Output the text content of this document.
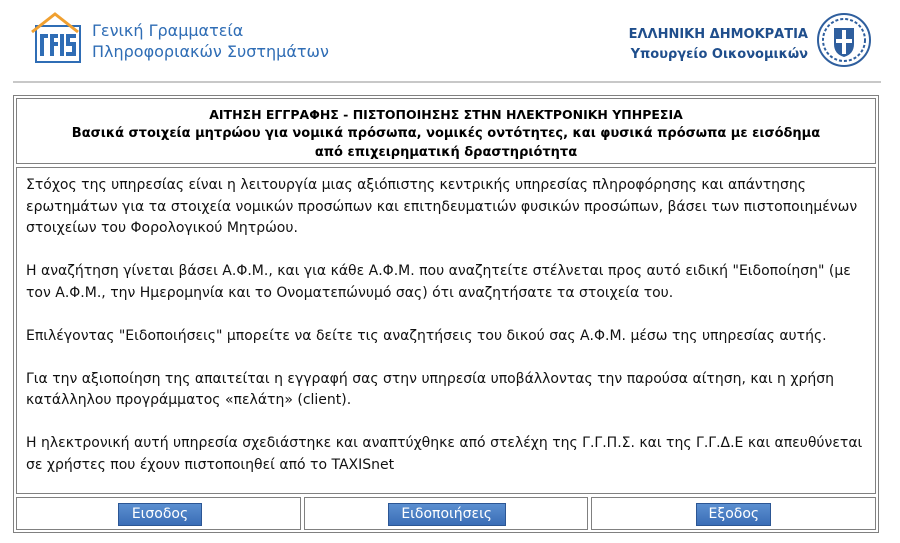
Γενική Γραμματεία
Πληροφοριακών Συστημάτων
ΕΛΛΗΝΙΚΗ ΔΗΜΟΚΡΑΤΙΑ
Υπουργείο Οικονομικών
ΑΙΤΗΣΗ ΕΓΓΡΑΦΗΣ - ΠΙΣΤΟΠΟΙΗΣΗΣ ΣΤΗΝ ΗΛΕΚΤΡΟΝΙΚΗ ΥΠΗΡΕΣΙΑ
Βασικά στοιχεία μητρώου για νομικά πρόσωπα, νομικές οντότητες, και φυσικά πρόσωπα με εισόδημα από επιχειρηματική δραστηριότητα

Στόχος της υπηρεσίας είναι η λειτουργία μιας αξιόπιστης κεντρικής υπηρεσίας πληροφόρησης και απάντησης ερωτημάτων για τα στοιχεία νομικών προσώπων και επιτηδευματιών φυσικών προσώπων, βάσει των πιστοποιημένων στοιχείων του Φορολογικού Μητρώου.

Η αναζήτηση γίνεται βάσει Α.Φ.Μ., και για κάθε Α.Φ.Μ. που αναζητείτε στέλνεται προς αυτό ειδική "Ειδοποίηση" (με τον Α.Φ.Μ., την Ημερομηνία και το Ονοματεπώνυμό σας) ότι αναζητήσατε τα στοιχεία του.

Επιλέγοντας "Ειδοποιήσεις" μπορείτε να δείτε τις αναζητήσεις του δικού σας Α.Φ.Μ. μέσω της υπηρεσίας αυτής.

Για την αξιοποίηση της απαιτείται η εγγραφή σας στην υπηρεσία υποβάλλοντας την παρούσα αίτηση, και η χρήση κατάλληλου προγράμματος «πελάτη» (client).

Η ηλεκτρονική αυτή υπηρεσία σχεδιάστηκε και αναπτύχθηκε από στελέχη της Γ.Γ.Π.Σ. και της Γ.Γ.Δ.Ε και απευθύνεται σε χρήστες που έχουν πιστοποιηθεί από το TAXISnet

Εισοδος	Ειδοποιήσεις	Εξοδος
